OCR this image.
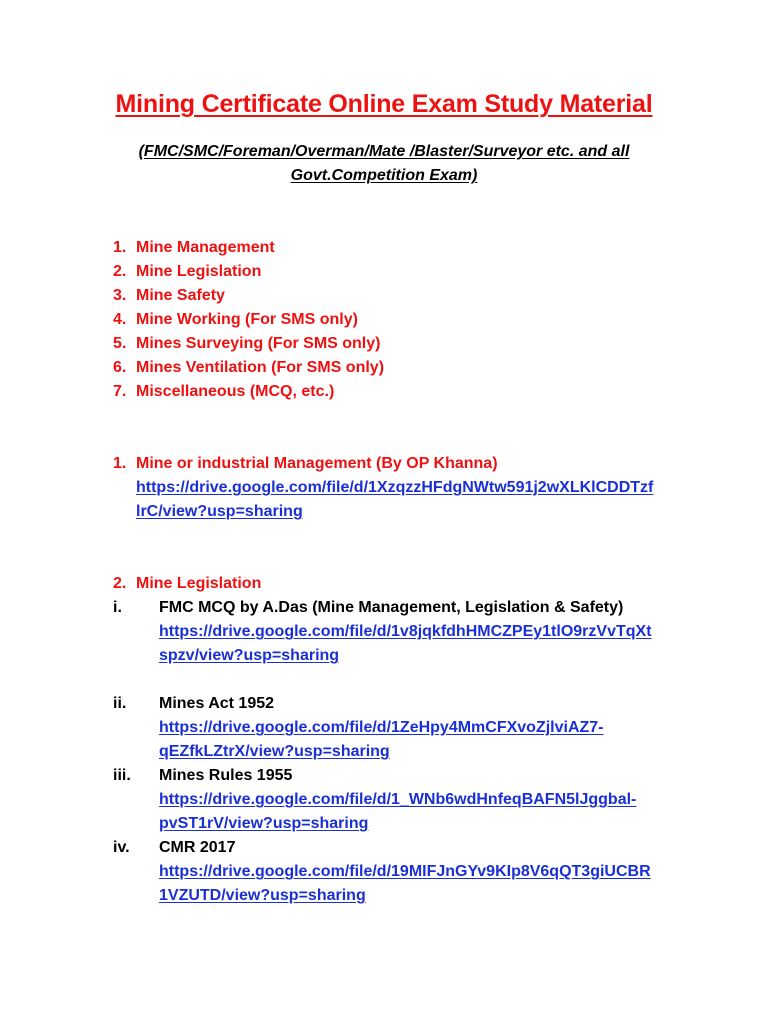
Mining Certificate Online Exam Study Material
(FMC/SMC/Foreman/Overman/Mate /Blaster/Surveyor etc. and all
Govt.Competition Exam)
1. Mine Management
2. Mine Legislation
3. Mine Safety
4. Mine Working (For SMS only)
5. Mines Surveying (For SMS only)
6. Mines Ventilation (For SMS only)
7. Miscellaneous (MCQ, etc.)
1. Mine or industrial Management (By OP Khanna)
https://drive.google.com/file/d/1XzqzzHFdgNWtw591j2wXLKlCDDTzf
lrC/view?usp=sharing
2. Mine Legislation
i. FMC MCQ by A.Das (Mine Management, Legislation & Safety)
https://drive.google.com/file/d/1v8jqkfdhHMCZPEy1tlO9rzVvTqXt
spzv/view?usp=sharing
ii. Mines Act 1952
https://drive.google.com/file/d/1ZeHpy4MmCFXvoZjlviAZ7-
qEZfkLZtrX/view?usp=sharing
iii. Mines Rules 1955
https://drive.google.com/file/d/1_WNb6wdHnfeqBAFN5lJggbal-
pvST1rV/view?usp=sharing
iv. CMR 2017
https://drive.google.com/file/d/19MIFJnGYv9KIp8V6qQT3giUCBR
1VZUTD/view?usp=sharing
